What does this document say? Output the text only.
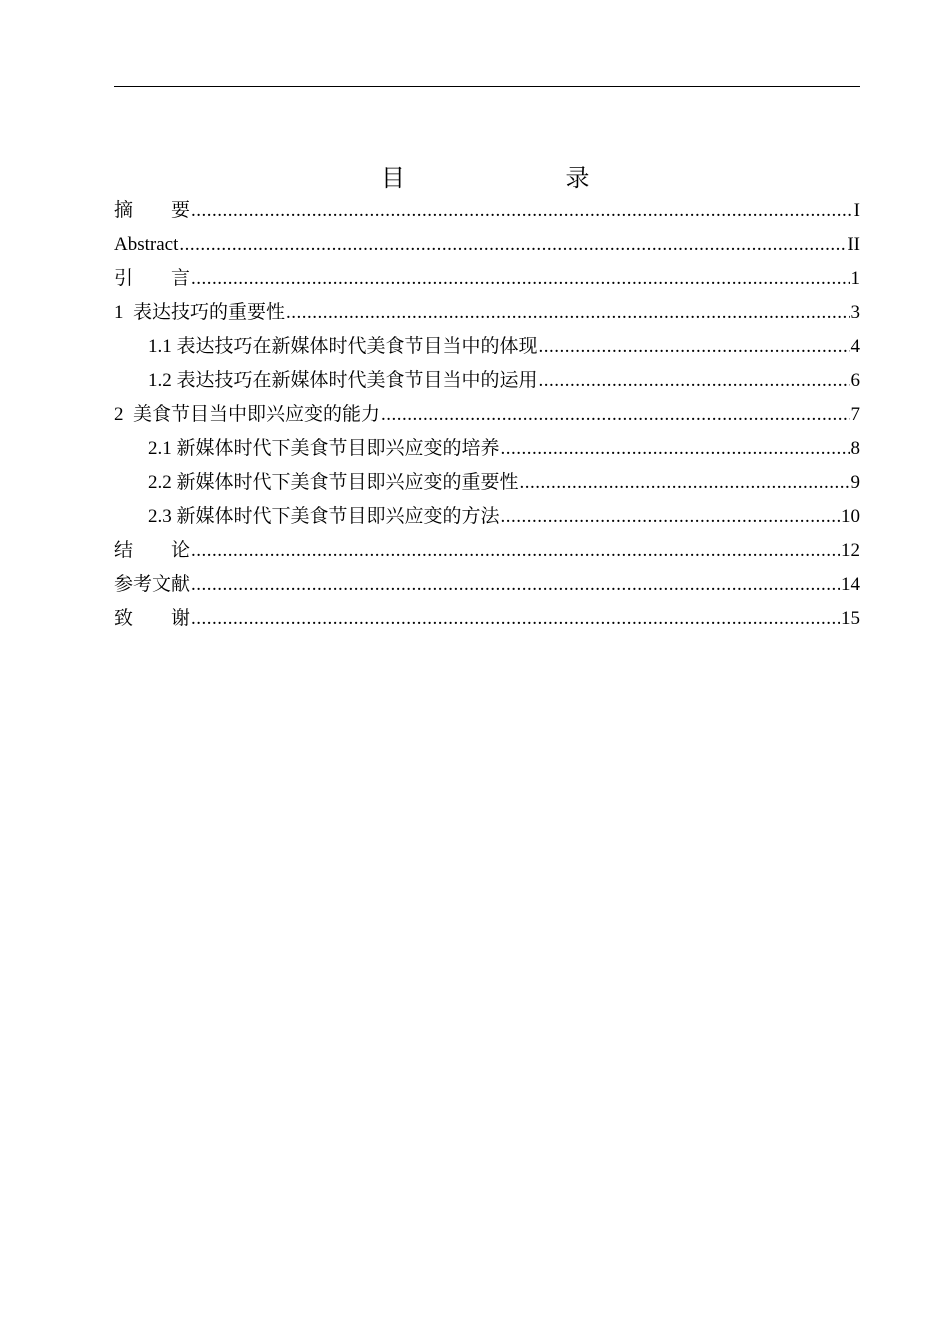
目    录
摘        要 .....	I
Abstract .....	II
引        言 .....	1
1  表达技巧的重要性 .....	3
1.1 表达技巧在新媒体时代美食节目当中的体现 .....	4
1.2 表达技巧在新媒体时代美食节目当中的运用 .....	6
2  美食节目当中即兴应变的能力 .....	7
2.1 新媒体时代下美食节目即兴应变的培养 .....	8
2.2 新媒体时代下美食节目即兴应变的重要性 .....	9
2.3 新媒体时代下美食节目即兴应变的方法 .....	10
结        论 .....	12
参考文献 .....	14
致        谢 .....	15
